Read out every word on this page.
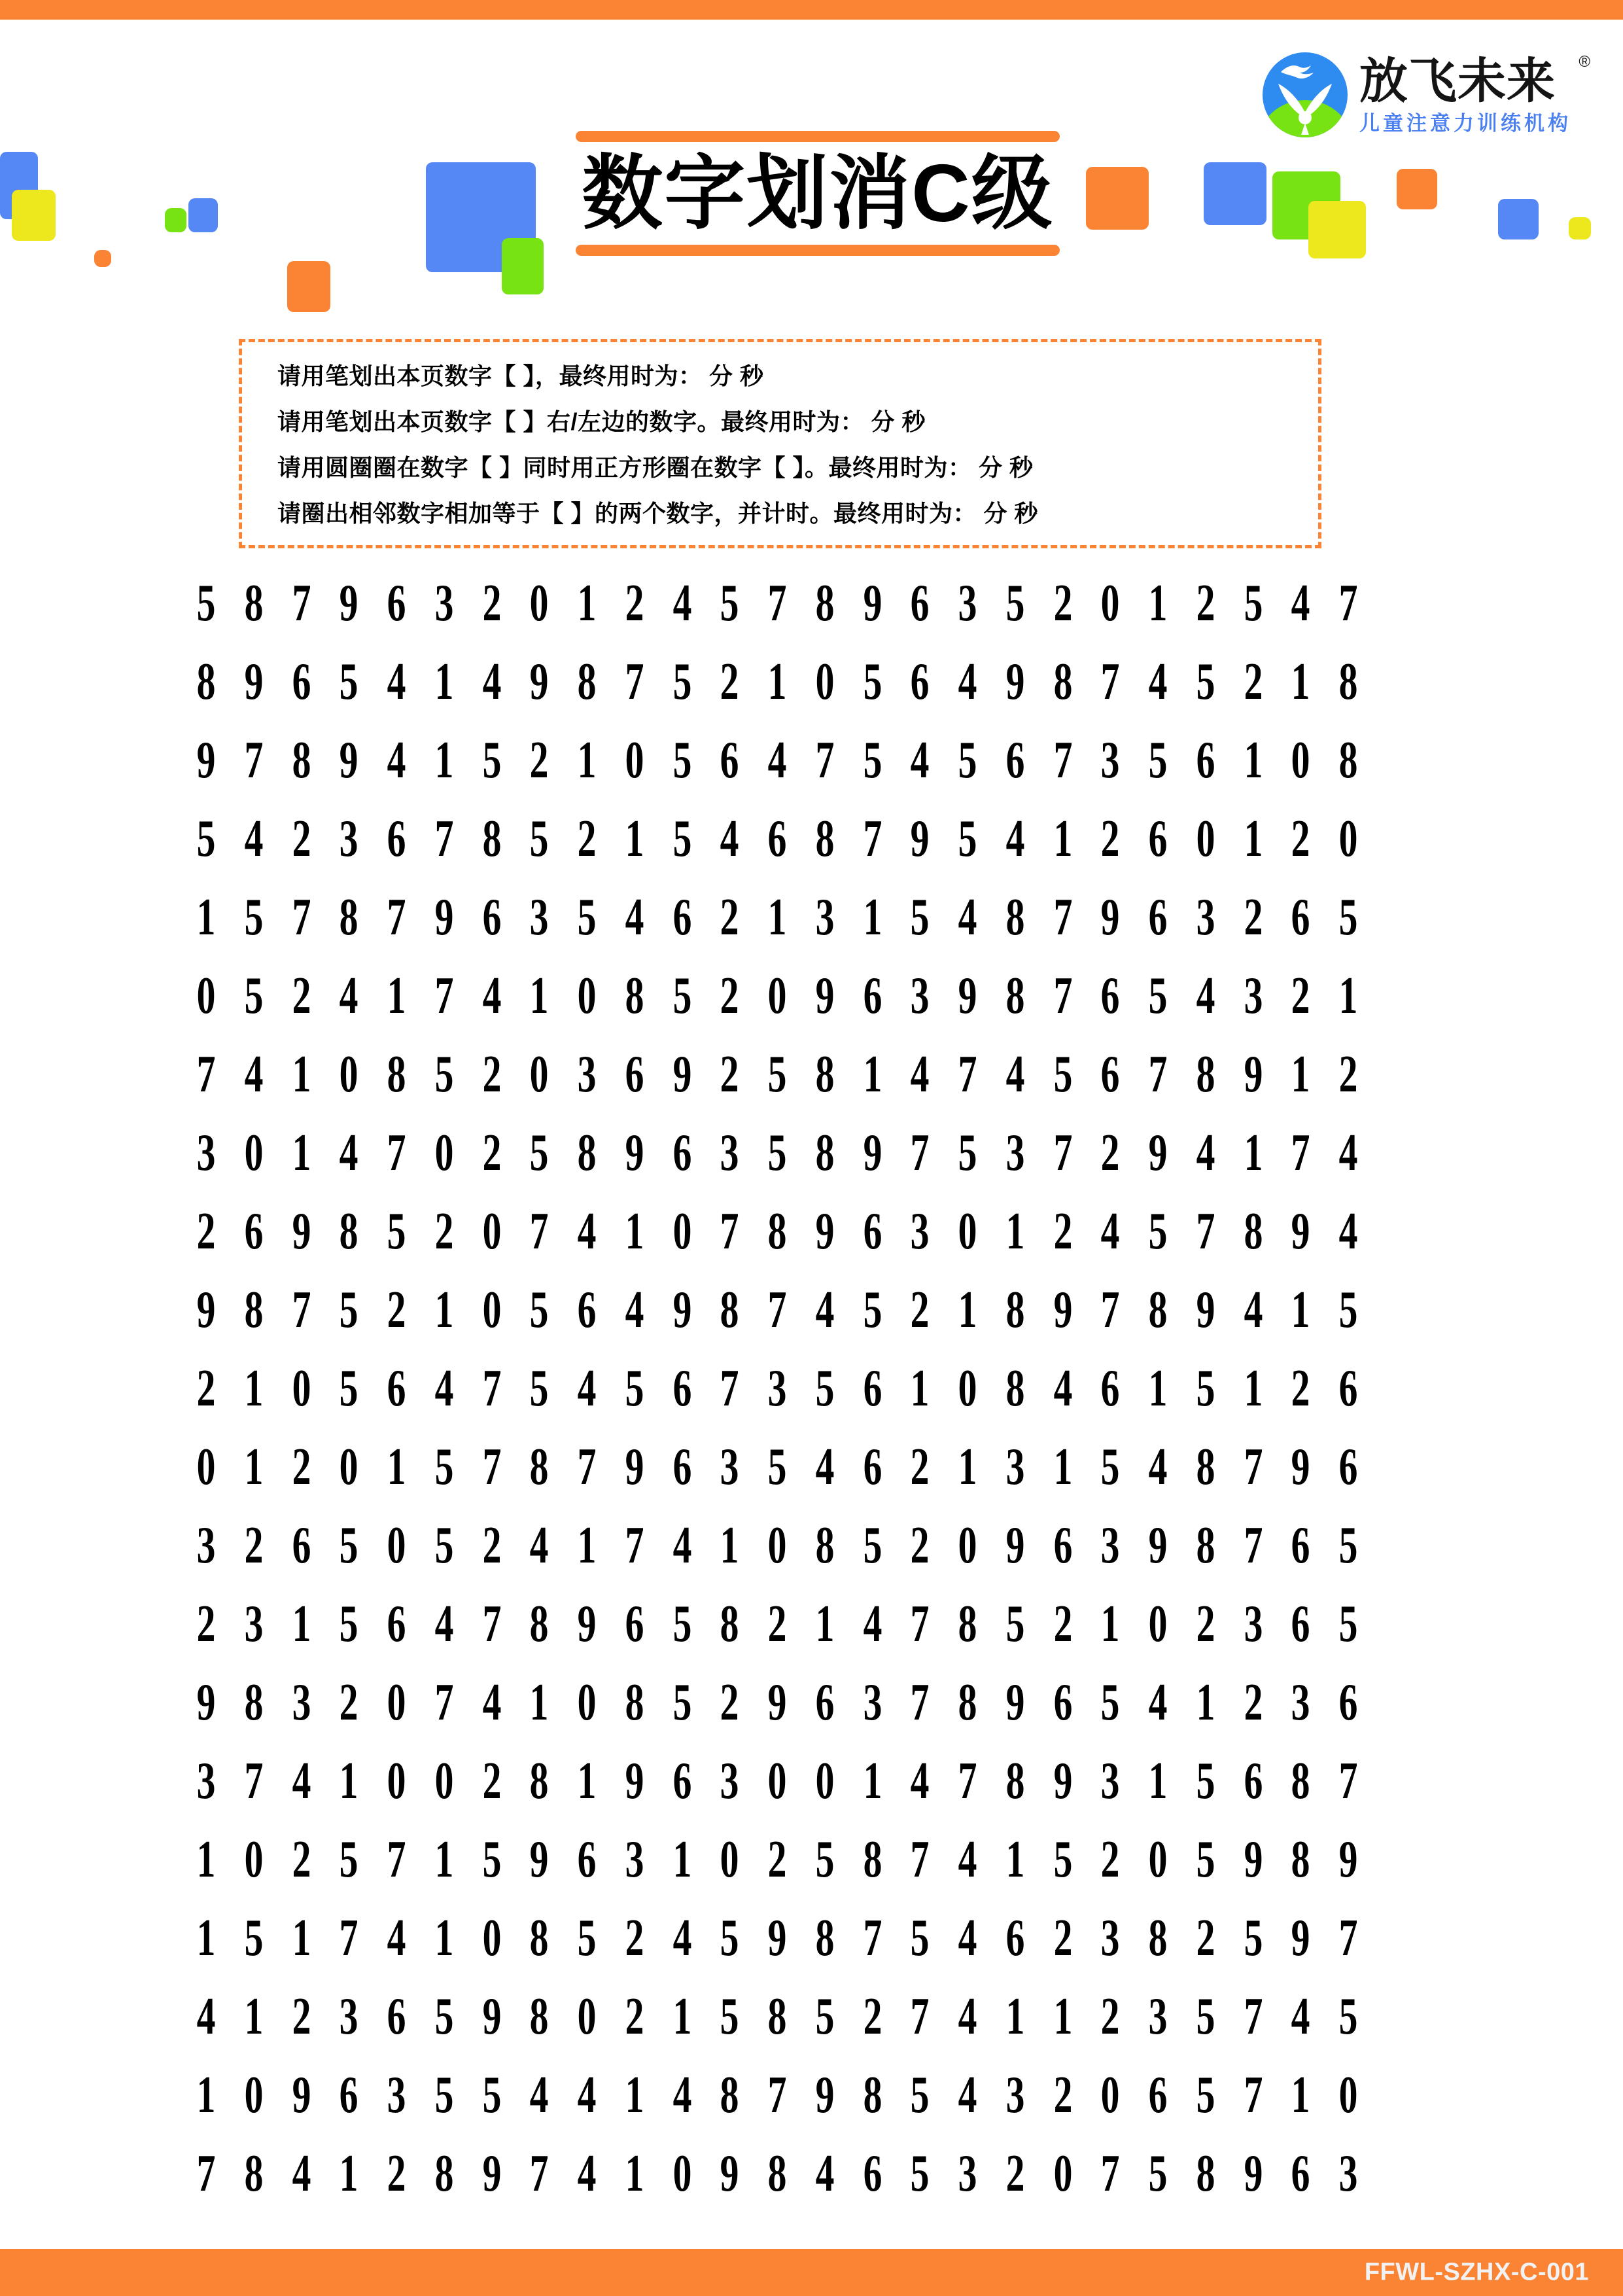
放飞未来 ®
儿童注意力训练机构
数字划消C级
请用笔划出本页数字【 】，最终用时为： 分 秒
请用笔划出本页数字【 】右/左边的数字。最终用时为： 分 秒
请用圆圈圈在数字【 】同时用正方形圈在数字【 】。最终用时为： 分 秒
请圈出相邻数字相加等于【 】的两个数字，并计时。最终用时为： 分 秒
5 8 7 9 6 3 2 0 1 2 4 5 7 8 9 6 3 5 2 0 1 2 5 4 7
8 9 6 5 4 1 4 9 8 7 5 2 1 0 5 6 4 9 8 7 4 5 2 1 8
9 7 8 9 4 1 5 2 1 0 5 6 4 7 5 4 5 6 7 3 5 6 1 0 8
5 4 2 3 6 7 8 5 2 1 5 4 6 8 7 9 5 4 1 2 6 0 1 2 0
1 5 7 8 7 9 6 3 5 4 6 2 1 3 1 5 4 8 7 9 6 3 2 6 5
0 5 2 4 1 7 4 1 0 8 5 2 0 9 6 3 9 8 7 6 5 4 3 2 1
7 4 1 0 8 5 2 0 3 6 9 2 5 8 1 4 7 4 5 6 7 8 9 1 2
3 0 1 4 7 0 2 5 8 9 6 3 5 8 9 7 5 3 7 2 9 4 1 7 4
2 6 9 8 5 2 0 7 4 1 0 7 8 9 6 3 0 1 2 4 5 7 8 9 4
9 8 7 5 2 1 0 5 6 4 9 8 7 4 5 2 1 8 9 7 8 9 4 1 5
2 1 0 5 6 4 7 5 4 5 6 7 3 5 6 1 0 8 4 6 1 5 1 2 6
0 1 2 0 1 5 7 8 7 9 6 3 5 4 6 2 1 3 1 5 4 8 7 9 6
3 2 6 5 0 5 2 4 1 7 4 1 0 8 5 2 0 9 6 3 9 8 7 6 5
2 3 1 5 6 4 7 8 9 6 5 8 2 1 4 7 8 5 2 1 0 2 3 6 5
9 8 3 2 0 7 4 1 0 8 5 2 9 6 3 7 8 9 6 5 4 1 2 3 6
3 7 4 1 0 0 2 8 1 9 6 3 0 0 1 4 7 8 9 3 1 5 6 8 7
1 0 2 5 7 1 5 9 6 3 1 0 2 5 8 7 4 1 5 2 0 5 9 8 9
1 5 1 7 4 1 0 8 5 2 4 5 9 8 7 5 4 6 2 3 8 2 5 9 7
4 1 2 3 6 5 9 8 0 2 1 5 8 5 2 7 4 1 1 2 3 5 7 4 5
1 0 9 6 3 5 5 4 4 1 4 8 7 9 8 5 4 3 2 0 6 5 7 1 0
7 8 4 1 2 8 9 7 4 1 0 9 8 4 6 5 3 2 0 7 5 8 9 6 3
FFWL-SZHX-C-001
